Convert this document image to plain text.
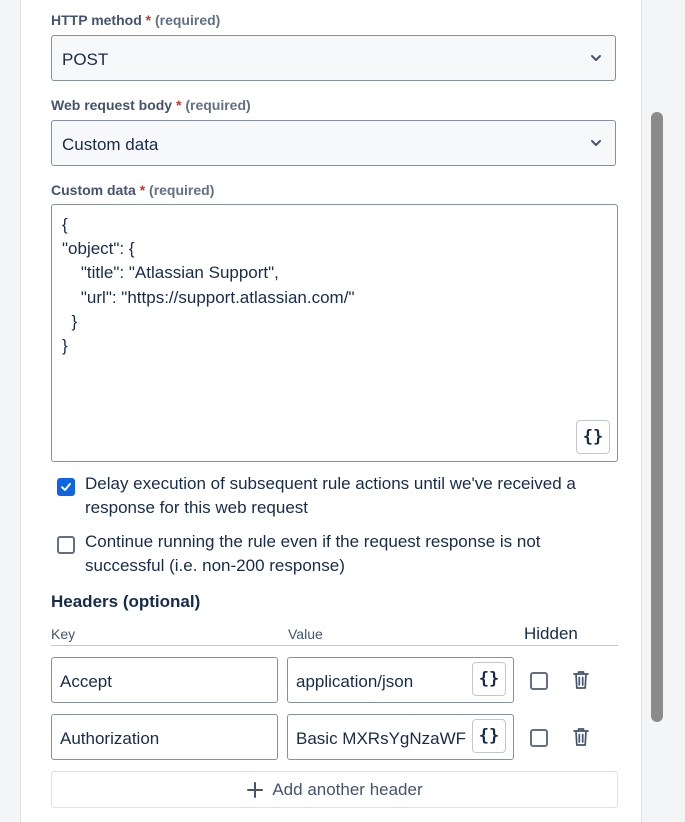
HTTP method * (required)
POST
Web request body * (required)
Custom data
Custom data * (required)
{
"object": {
"title": "Atlassian Support",
"url": "https://support.atlassian.com/"
}
}
{}
Delay execution of subsequent rule actions until we've received a
response for this web request
Continue running the rule even if the request response is not
successful (i.e. non-200 response)
Headers (optional)
Key	Value	Hidden
Accept	application/json	{}
Authorization	Basic MXRsYgNzaWF {}
Add another header
